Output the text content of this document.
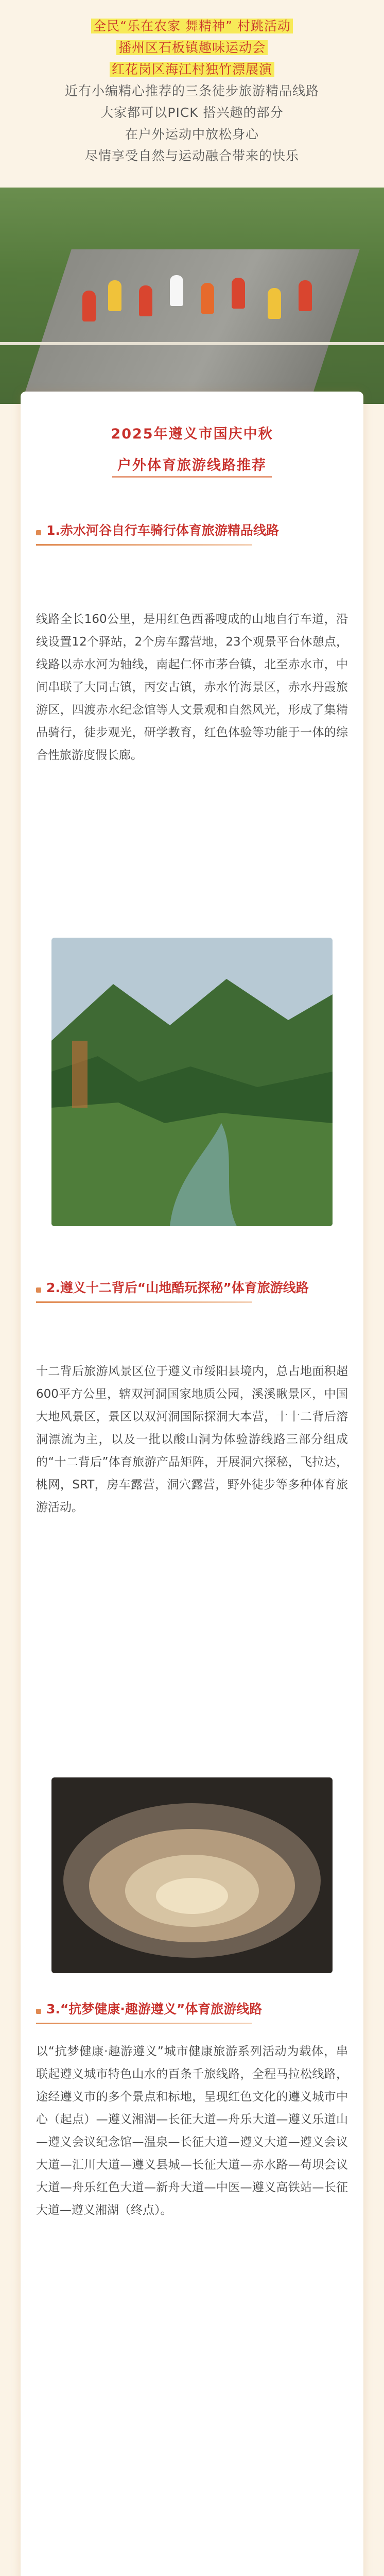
全民“乐在农家 舞精神” 村跳活动
播州区石板镇趣味运动会
红花岗区海江村独竹漂展演
近有小编精心推荐的三条徒步旅游精品线路
大家都可以PICK 搭兴趣的部分
在户外运动中放松身心
尽情享受自然与运动融合带来的快乐
2025年遵义市国庆中秋
户外体育旅游线路推荐
1.赤水河谷自行车骑行体育旅游精品线路
线路全长160公里，是用红色西番嗖成的山地自行车道，沿线设置12个驿站，2个房车露营地，23个观景平台休憩点，线路以赤水河为轴线，南起仁怀市茅台镇，北至赤水市，中间串联了大同古镇，丙安古镇，赤水竹海景区，赤水丹霞旅游区，四渡赤水纪念馆等人文景观和自然风光，形成了集精品骑行，徒步观光，研学教育，红色体验等功能于一体的综合性旅游度假长廊。
2.遵义十二背后“山地酷玩探秘”体育旅游线路
十二背后旅游风景区位于遵义市绥阳县境内，总占地面积超600平方公里，辖双河洞国家地质公园，溪溪瞅景区，中国大地风景区，景区以双河洞国际探洞大本营，十十二背后溶洞漂流为主，以及一批以酸山洞为体验游线路三部分组成的“十二背后”体育旅游产品矩阵，开展洞穴探秘，飞拉达，桃网，SRT，房车露营，洞穴露营，野外徒步等多种体育旅游活动。
3.“抗梦健康·趣游遵义”体育旅游线路
以“抗梦健康·趣游遵义”城市健康旅游系列活动为载体，串联起遵义城市特色山水的百条千旅线路，全程马拉松线路，途经遵义市的多个景点和标地，呈现红色文化的遵义城市中心（起点）—遵义湘湖—长征大道—舟乐大道—遵义乐道山—遵义会议纪念馆—温泉—长征大道—遵义大道—遵义会议大道—汇川大道—遵义县城—长征大道—赤水路—苟坝会议大道—舟乐红色大道—新舟大道—中医—遵义高铁站—长征大道—遵义湘湖（终点）。
